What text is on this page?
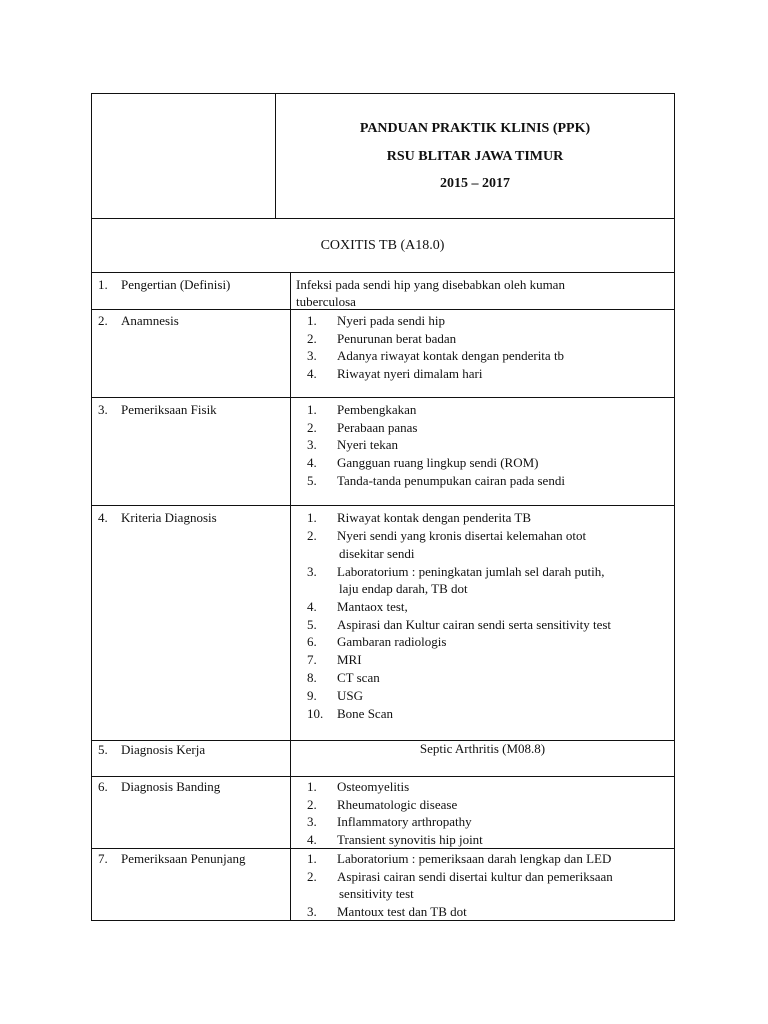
PANDUAN PRAKTIK KLINIS (PPK)
RSU BLITAR JAWA TIMUR
2015 – 2017
COXITIS TB (A18.0)
1. Pengertian (Definisi)	Infeksi pada sendi hip yang disebabkan oleh kuman
tuberculosa
2. Anamnesis	1. Nyeri pada sendi hip
2. Penurunan berat badan
3. Adanya riwayat kontak dengan penderita tb
4. Riwayat nyeri dimalam hari
3. Pemeriksaan Fisik	1. Pembengkakan
2. Perabaan panas
3. Nyeri tekan
4. Gangguan ruang lingkup sendi (ROM)
5. Tanda-tanda penumpukan cairan pada sendi
4. Kriteria Diagnosis	1. Riwayat kontak dengan penderita TB
2. Nyeri sendi yang kronis disertai kelemahan otot
disekitar sendi
3. Laboratorium : peningkatan jumlah sel darah putih,
laju endap darah, TB dot
4. Mantaox test,
5. Aspirasi dan Kultur cairan sendi serta sensitivity test
6. Gambaran radiologis
7. MRI
8. CT scan
9. USG
10. Bone Scan
5. Diagnosis Kerja	Septic Arthritis (M08.8)
6. Diagnosis Banding	1. Osteomyelitis
2. Rheumatologic disease
3. Inflammatory arthropathy
4. Transient synovitis hip joint
7. Pemeriksaan Penunjang	1. Laboratorium : pemeriksaan darah lengkap dan LED
2. Aspirasi cairan sendi disertai kultur dan pemeriksaan
sensitivity test
3. Mantoux test dan TB dot
